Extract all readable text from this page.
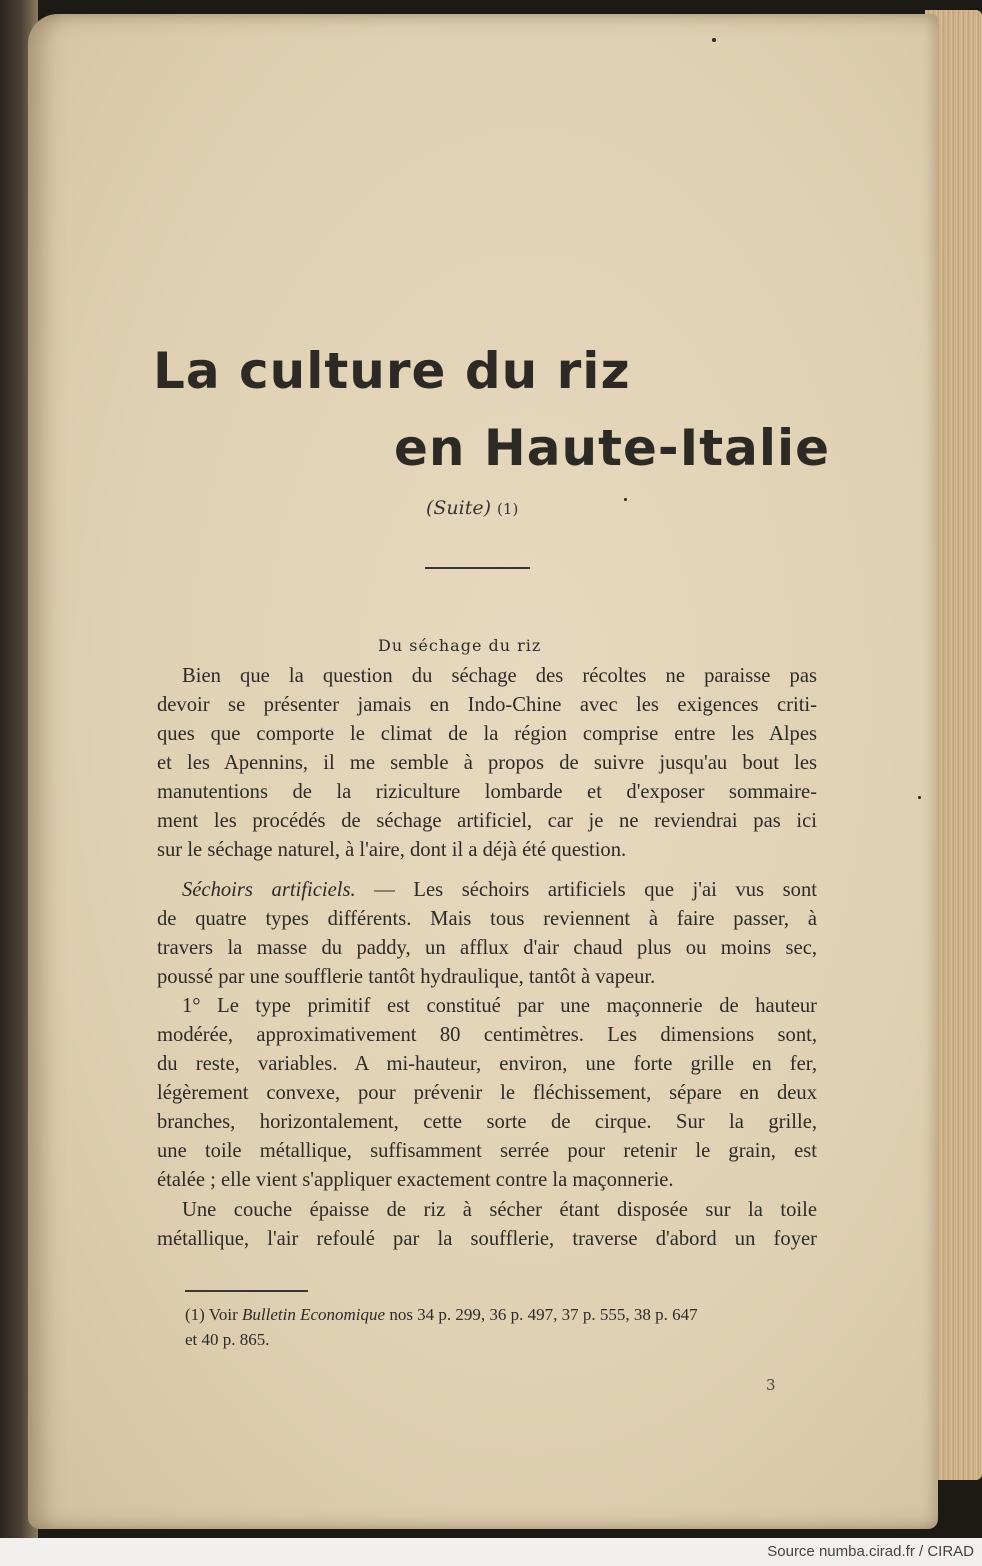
La culture du riz
en Haute-Italie
(Suite) (1)
Du séchage du riz
Bien que la question du séchage des récoltes ne paraisse pas
devoir se présenter jamais en Indo-Chine avec les exigences criti-
ques que comporte le climat de la région comprise entre les Alpes
et les Apennins, il me semble à propos de suivre jusqu'au bout les
manutentions de la riziculture lombarde et d'exposer sommaire-
ment les procédés de séchage artificiel, car je ne reviendrai pas ici
sur le séchage naturel, à l'aire, dont il a déjà été question.
Séchoirs artificiels. — Les séchoirs artificiels que j'ai vus sont
de quatre types différents. Mais tous reviennent à faire passer, à
travers la masse du paddy, un afflux d'air chaud plus ou moins sec,
poussé par une soufflerie tantôt hydraulique, tantôt à vapeur.
1° Le type primitif est constitué par une maçonnerie de hauteur
modérée, approximativement 80 centimètres. Les dimensions sont,
du reste, variables. A mi-hauteur, environ, une forte grille en fer,
légèrement convexe, pour prévenir le fléchissement, sépare en deux
branches, horizontalement, cette sorte de cirque. Sur la grille,
une toile métallique, suffisamment serrée pour retenir le grain, est
étalée ; elle vient s'appliquer exactement contre la maçonnerie.
Une couche épaisse de riz à sécher étant disposée sur la toile
métallique, l'air refoulé par la soufflerie, traverse d'abord un foyer
(1) Voir Bulletin Economique nos 34 p. 299, 36 p. 497, 37 p. 555, 38 p. 647
et 40 p. 865.
3
Source numba.cirad.fr / CIRAD
